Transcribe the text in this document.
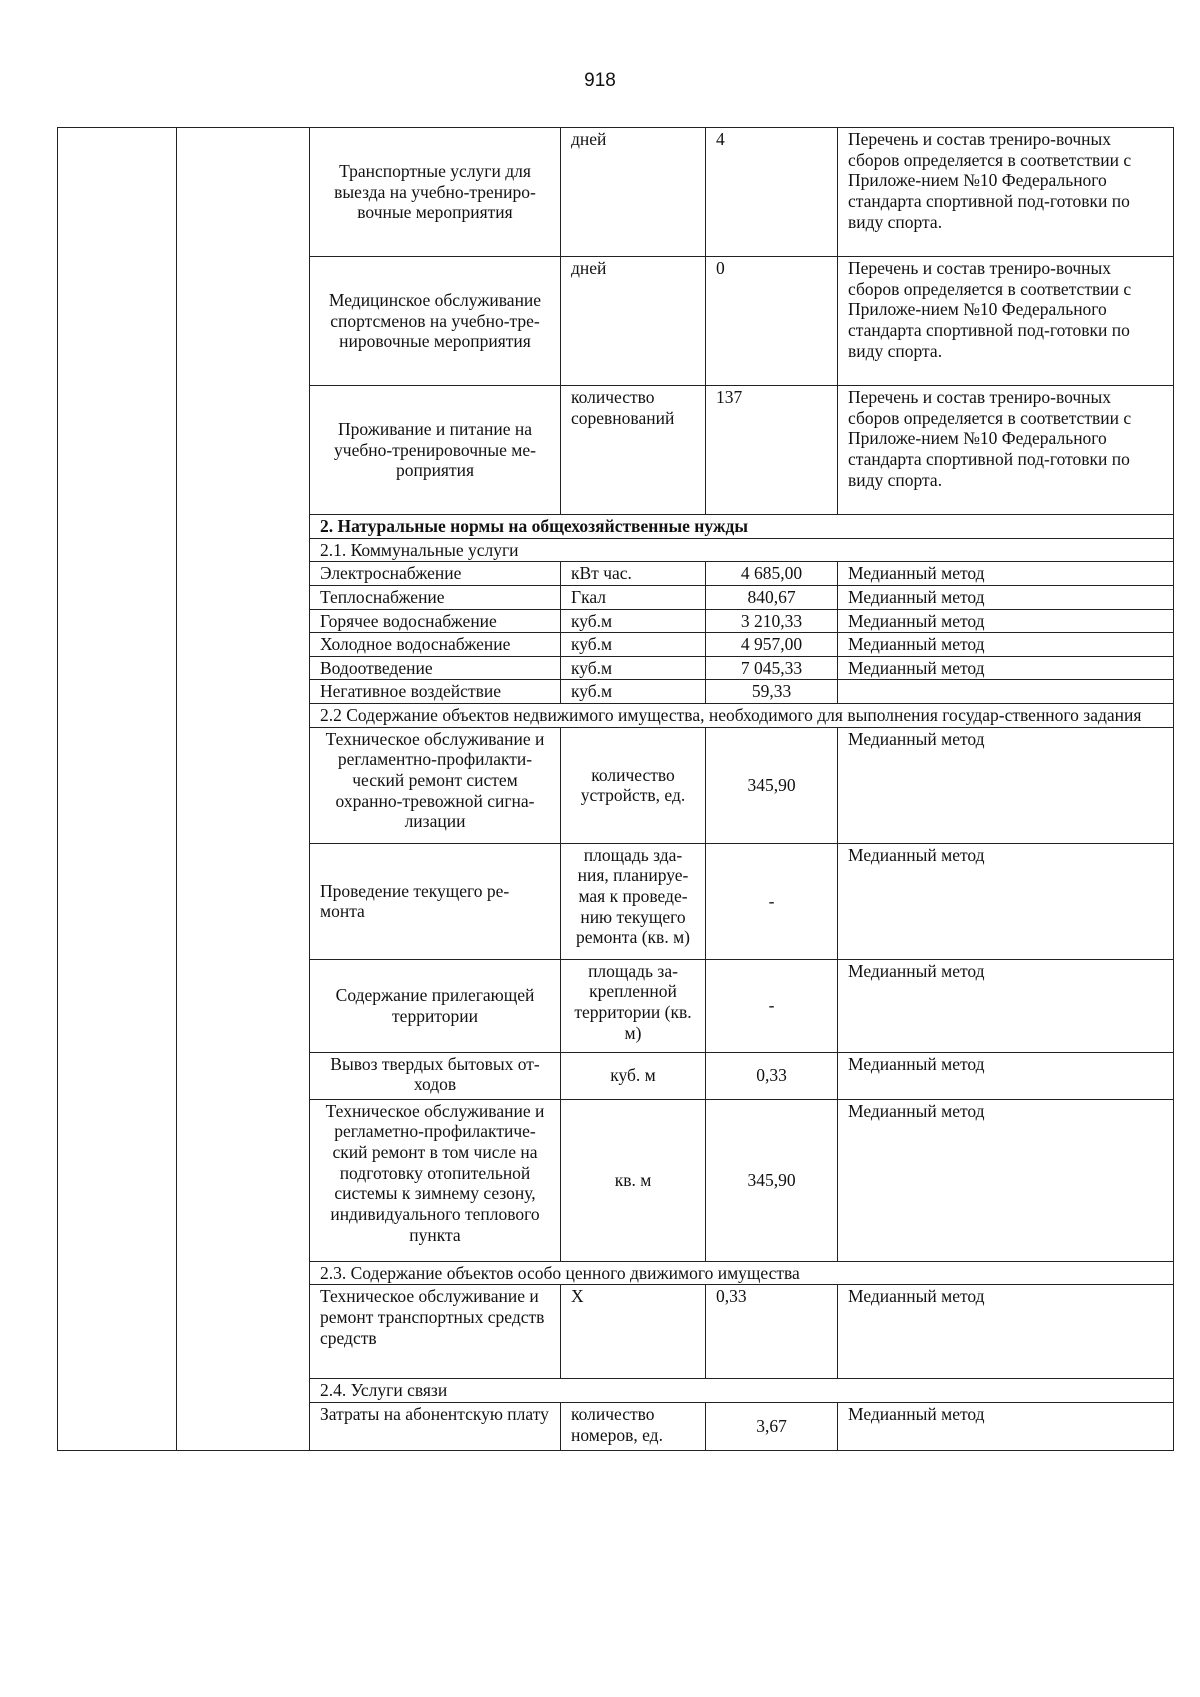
918
		Транспортные услуги для выезда на учебно-трениро-вочные мероприятия	дней	4	Перечень и состав трениро-вочных сборов определяется в соответствии с Приложе-нием №10 Федерального стандарта спортивной под-готовки по виду спорта.
		Медицинское обслуживание спортсменов на учебно-тре-нировочные мероприятия	дней	0	Перечень и состав трениро-вочных сборов определяется в соответствии с Приложе-нием №10 Федерального стандарта спортивной под-готовки по виду спорта.
		Проживание и питание на учебно-тренировочные ме-роприятия	количество соревнований	137	Перечень и состав трениро-вочных сборов определяется в соответствии с Приложе-нием №10 Федерального стандарта спортивной под-готовки по виду спорта.
		2. Натуральные нормы на общехозяйственные нужды			
		2.1. Коммунальные услуги			
		Электроснабжение	кВт час.	4 685,00	Медианный метод
		Теплоснабжение	Гкал	840,67	Медианный метод
		Горячее водоснабжение	куб.м	3 210,33	Медианный метод
		Холодное водоснабжение	куб.м	4 957,00	Медианный метод
		Водоотведение	куб.м	7 045,33	Медианный метод
		Негативное воздействие	куб.м	59,33	
		2.2 Содержание объектов недвижимого имущества, необходимого для выполнения государ-ственного задания			
		Техническое обслуживание и регламентно-профилакти-ческий ремонт систем охранно-тревожной сигна-лизации	количество устройств, ед.	345,90	Медианный метод
		Проведение текущего ре-монта	площадь зда-ния, планируе-мая к проведе-нию текущего ремонта (кв. м)	-	Медианный метод
		Содержание прилегающей территории	площадь за-крепленной территории (кв. м)	-	Медианный метод
		Вывоз твердых бытовых от-ходов	куб. м	0,33	Медианный метод
		Техническое обслуживание и регламетно-профилактиче-ский ремонт в том числе на подготовку отопительной системы к зимнему сезону, индивидуального теплового пункта	кв. м	345,90	Медианный метод
		2.3. Содержание объектов особо ценного движимого имущества			
		Техническое обслуживание и ремонт транспортных средств средств	Х	0,33	Медианный метод
		2.4. Услуги связи			
		Затраты на абонентскую плату	количество номеров, ед.	3,67	Медианный метод
